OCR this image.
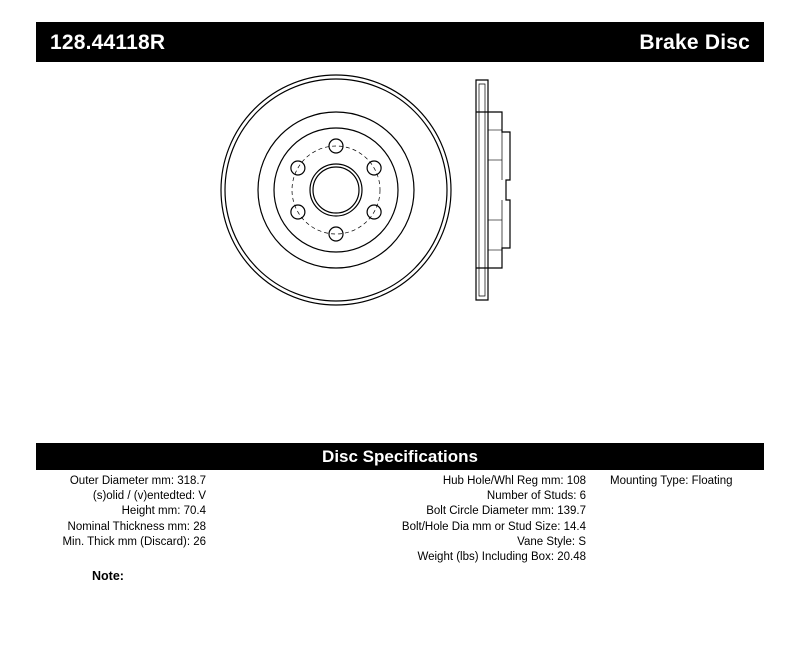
128.44118R	Brake Disc
Disc Specifications
Outer Diameter mm: 318.7
(s)olid / (v)entedted: V
Height mm: 70.4
Nominal Thickness mm: 28
Min. Thick mm (Discard): 26
Hub Hole/Whl Reg mm: 108
Number of Studs: 6
Bolt Circle Diameter mm: 139.7
Bolt/Hole Dia mm or Stud Size: 14.4
Vane Style: S
Weight (lbs) Including Box: 20.48
Mounting Type: Floating
Note:
